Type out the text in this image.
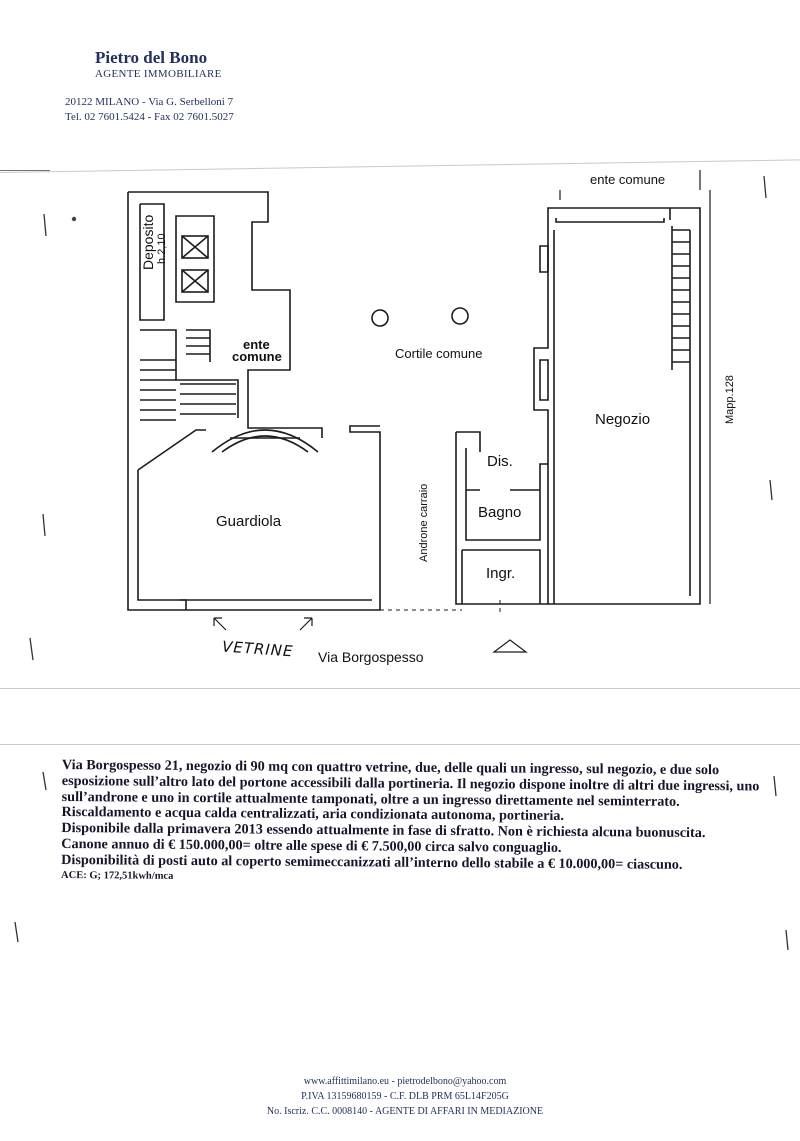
Pietro del Bono
AGENTE IMMOBILIARE
20122 MILANO - Via G. Serbelloni 7
Tel. 02 7601.5424 - Fax 02 7601.5027
ente comune
Deposito h.2,10
ente
comune	Cortile comune
Negozio	Mapp.128
Dis.
Bagno
Ingr.
Androne carraio
Guardiola
VETRINE Via Borgospesso

Via Borgospesso 21, negozio di 90 mq con quattro vetrine, due, delle quali un ingresso, sul negozio, e due solo esposizione sull’altro lato del portone accessibili dalla portineria. Il negozio dispone inoltre di altri due ingressi, uno sull’androne e uno in cortile attualmente tamponati, oltre a un ingresso direttamente nel seminterrato. Riscaldamento e acqua calda centralizzati, aria condizionata autonoma, portineria.

Disponibile dalla primavera 2013 essendo attualmente in fase di sfratto. Non è richiesta alcuna buonuscita.

Canone annuo di € 150.000,00= oltre alle spese di € 7.500,00 circa salvo conguaglio.

Disponibilità di posti auto al coperto semimeccanizzati all’interno dello stabile a € 10.000,00= ciascuno.

ACE: G; 172,51kwh/mca

www.affittimilano.eu - pietrodelbono@yahoo.com
P.IVA 13159680159 - C.F. DLB PRM 65L14F205G
No. Iscriz. C.C. 0008140 - AGENTE DI AFFARI IN MEDIAZIONE
